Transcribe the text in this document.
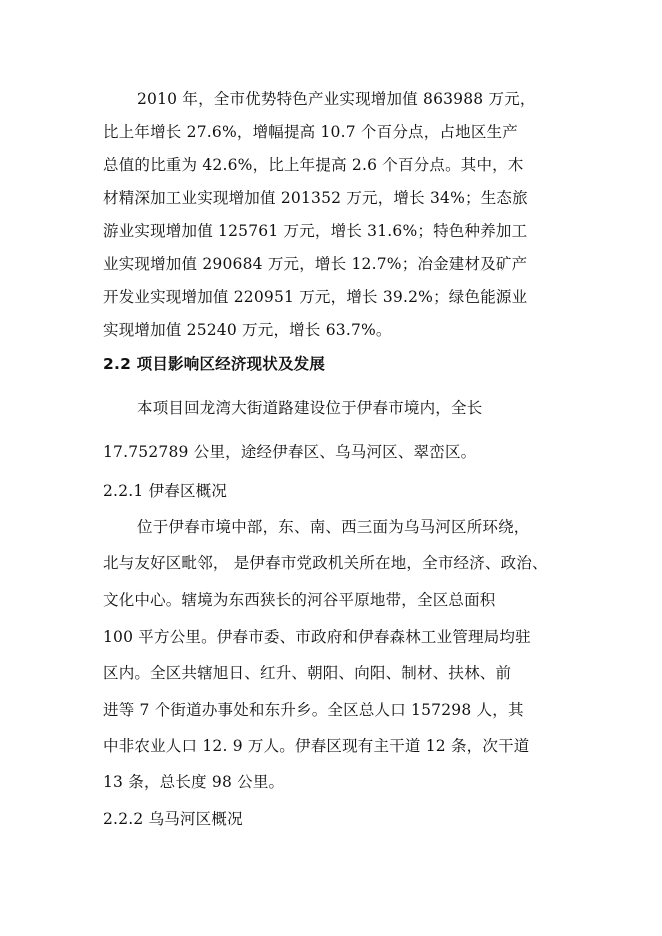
2010 年，全市优势特色产业实现增加值 863988 万元，
比上年增长 27.6%，增幅提高 10.7 个百分点，占地区生产
总值的比重为 42.6%，比上年提高 2.6 个百分点。其中，木
材精深加工业实现增加值 201352 万元，增长 34%；生态旅
游业实现增加值 125761 万元，增长 31.6%；特色种养加工
业实现增加值 290684 万元，增长 12.7%；冶金建材及矿产
开发业实现增加值 220951 万元，增长 39.2%；绿色能源业
实现增加值 25240 万元，增长 63.7%。
2.2 项目影响区经济现状及发展
本项目回龙湾大街道路建设位于伊春市境内，全长
17.752789 公里，途经伊春区、乌马河区、翠峦区。
2.2.1 伊春区概况
位于伊春市境中部，东、南、西三面为乌马河区所环绕，
北与友好区毗邻， 是伊春市党政机关所在地，全市经济、政治、
文化中心。辖境为东西狭长的河谷平原地带，全区总面积
100 平方公里。伊春市委、市政府和伊春森林工业管理局均驻
区内。全区共辖旭日、红升、朝阳、向阳、制材、扶林、前
进等 7 个街道办事处和东升乡。全区总人口 157298 人，其
中非农业人口 12. 9 万人。伊春区现有主干道 12 条，次干道
13 条，总长度 98 公里。
2.2.2 乌马河区概况
